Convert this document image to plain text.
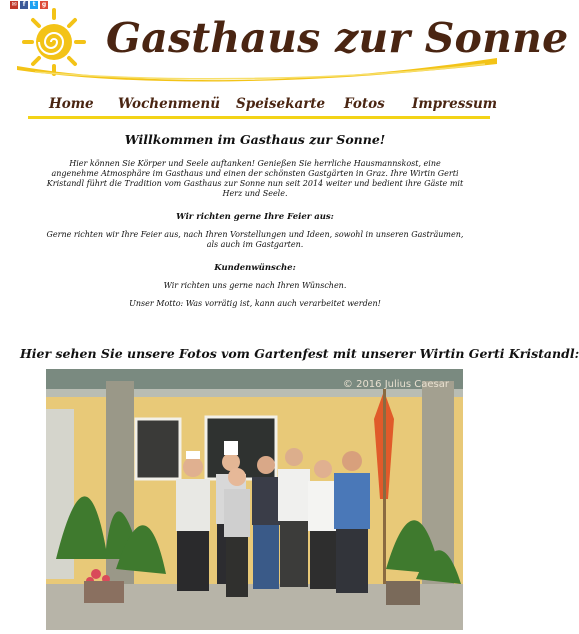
✉	f	t	g
Gasthaus zur Sonne
Home Wochenmenü Speisekarte Fotos Impressum
Willkommen im Gasthaus zur Sonne!

Hier können Sie Körper und Seele auftanken! Genießen Sie herrliche Hausmannskost, eine angenehme Atmosphäre im Gasthaus und einen der schönsten Gastgärten in Graz. Ihre Wirtin Gerti Kristandl führt die Tradition vom Gasthaus zur Sonne nun seit 2014 weiter und bedient ihre Gäste mit Herz und Seele.

Wir richten gerne Ihre Feier aus:

Gerne richten wir Ihre Feier aus, nach Ihren Vorstellungen und Ideen, sowohl in unseren Gasträumen, als auch im Gastgarten.

Kundenwünsche:

Wir richten uns gerne nach Ihren Wünschen.

Unser Motto: Was vorrätig ist, kann auch verarbeitet werden!

Hier sehen Sie unsere Fotos vom Gartenfest mit unserer Wirtin Gerti Kristandl:
© 2016 Julius Caesar
